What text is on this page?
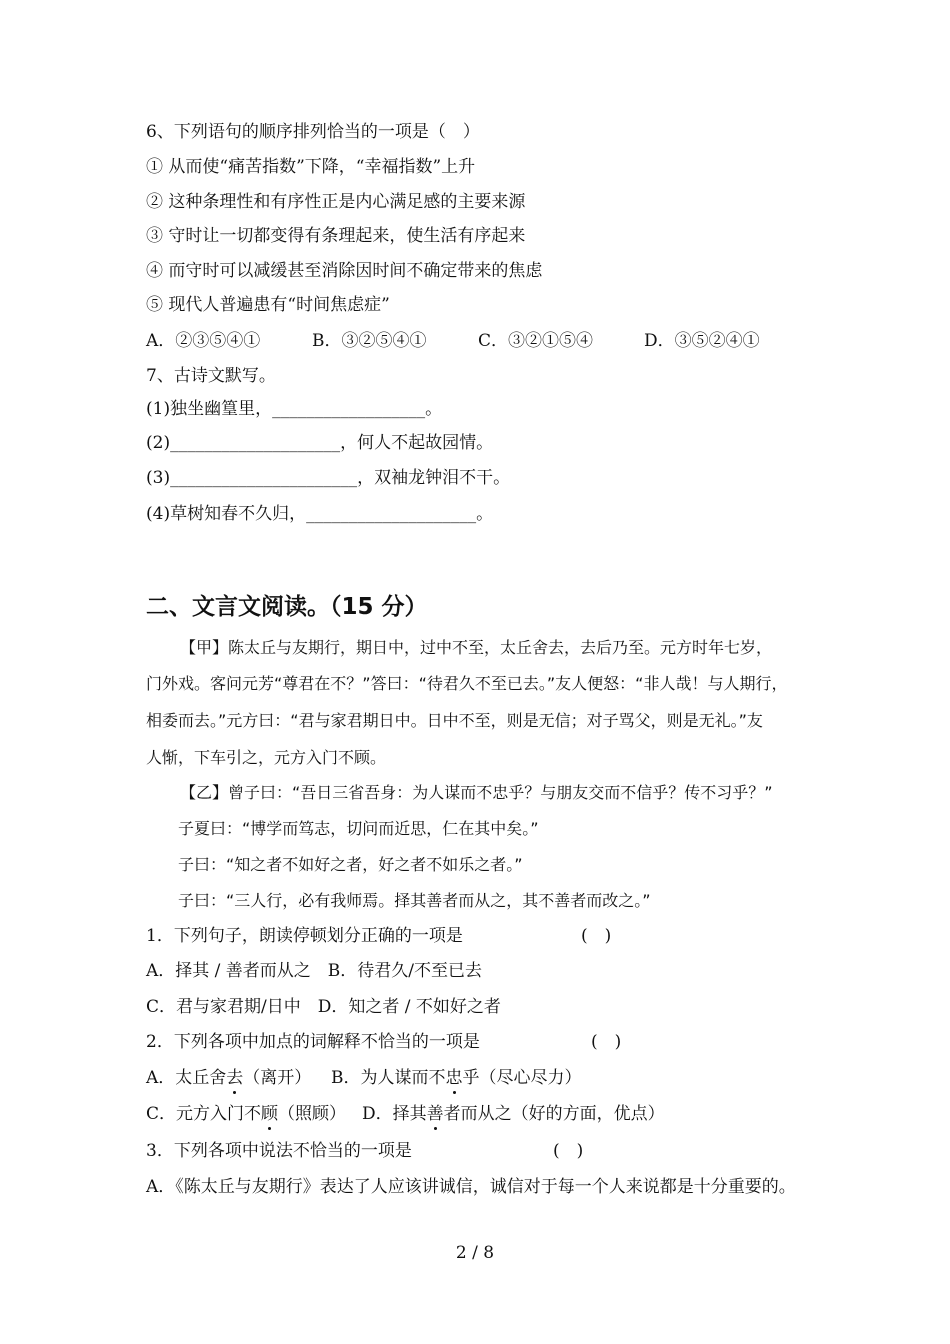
6、下列语句的顺序排列恰当的一项是（　）
① 从而使“痛苦指数”下降，“幸福指数”上升
② 这种条理性和有序性正是内心满足感的主要来源
③ 守时让一切都变得有条理起来，使生活有序起来
④ 而守时可以减缓甚至消除因时间不确定带来的焦虑
⑤ 现代人普遍患有“时间焦虑症”
A．②③⑤④①	B．③②⑤④①	C．③②①⑤④	D．③⑤②④①
7、古诗文默写。
(1)独坐幽篁里，__________________。
(2)____________________，何人不起故园情。
(3)______________________，双袖龙钟泪不干。
(4)草树知春不久归，____________________。
二、文言文阅读。（15 分）
【甲】陈太丘与友期行，期日中，过中不至，太丘舍去，去后乃至。元方时年七岁，
门外戏。客问元芳“尊君在不？”答曰：“待君久不至已去。”友人便怒：“非人哉！与人期行，
相委而去。”元方曰：“君与家君期日中。日中不至，则是无信；对子骂父，则是无礼。”友
人惭，下车引之，元方入门不顾。
【乙】曾子曰：“吾日三省吾身：为人谋而不忠乎？与朋友交而不信乎？传不习乎？”
子夏曰：“博学而笃志，切问而近思，仁在其中矣。”
子曰：“知之者不如好之者，好之者不如乐之者。”
子曰：“三人行，必有我师焉。择其善者而从之，其不善者而改之。”
1．下列句子，朗读停顿划分正确的一项是	(　)
A．择其 / 善者而从之　B．待君久/不至已去
C．君与家君期/日中　D．知之者 / 不如好之者
2．下列各项中加点的词解释不恰当的一项是	(　)
A．太丘舍去（离开） B．为人谋而不忠乎（尽心尽力）
C．元方入门不顾（照顾） D．择其善者而从之（好的方面，优点）
3．下列各项中说法不恰当的一项是	(　)
A．《陈太丘与友期行》表达了人应该讲诚信，诚信对于每一个人来说都是十分重要的。
2 / 8
